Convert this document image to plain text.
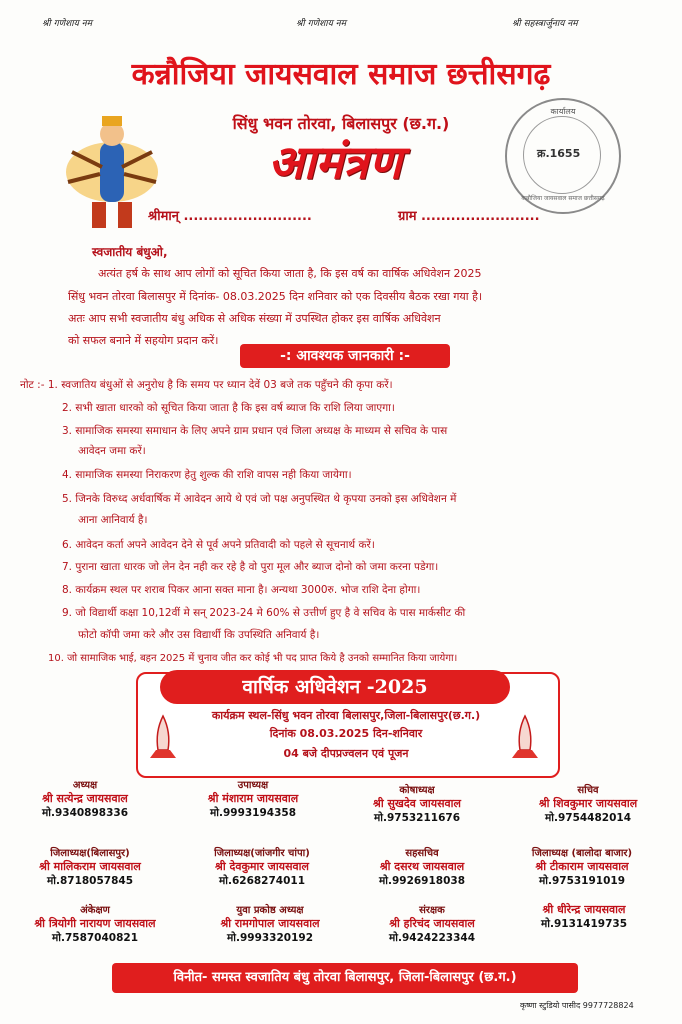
श्री गणेशाय नम	श्री गणेशाय नम	श्री सहस्त्रार्जुनाय नम
कन्नौजिया जायसवाल समाज छत्तीसगढ़
सिंधु भवन तोरवा, बिलासपुर (छ.ग.)
आमंत्रण
कार्यालय
कन्नौजिया जायसवाल समाज छत्तीसगढ़
क्र.1655
श्रीमान् ..........................	ग्राम ........................
स्वजातीय बंधुओ,
अत्यंत हर्ष के साथ आप लोगों को सूचित किया जाता है, कि इस वर्ष का वार्षिक अधिवेशन 2025
सिंधु भवन तोरवा बिलासपुर में दिनांक- 08.03.2025 दिन शनिवार को एक दिवसीय बैठक रखा गया है।
अतः आप सभी स्वजातीय बंधु अधिक से अधिक संख्या में उपस्थित होकर इस वार्षिक अधिवेशन
को सफल बनाने में सहयोग प्रदान करें।
-: आवश्यक जानकारी :-
नोट :- 1. स्वजातिय बंधुओं से अनुरोध है कि समय पर ध्यान देवें 03 बजे तक पहुँचने की कृपा करें।
2. सभी खाता धारको को सूचित किया जाता है कि इस वर्ष ब्याज कि राशि लिया जाएगा।
3. सामाजिक समस्या समाधान के लिए अपने ग्राम प्रधान एवं जिला अध्यक्ष के माध्यम से सचिव के पास
आवेदन जमा करें।
4. सामाजिक समस्या निराकरण हेतु शुल्क की राशि वापस नही किया जायेगा।
5. जिनके विरुध्द अर्धवार्षिक में आवेदन आये थे एवं जो पक्ष अनुपस्थित थे कृपया उनको इस अधिवेशन में
आना आनिवार्य है।
6. आवेदन कर्ता अपने आवेदन देने से पूर्व अपने प्रतिवादी को पहले से सूचनार्थ करें।
7. पुराना खाता धारक जो लेन देन नही कर रहे है वो पुरा मूल और ब्याज दोनो को जमा करना पडेगा।
8. कार्यक्रम स्थल पर शराब पिकर आना सक्त माना है। अन्यथा 3000रु. भोज राशि देना होगा।
9. जो विद्यार्थी कक्षा 10,12वीं मे सन् 2023-24 मे 60% से उत्तीर्ण हुए है वे सचिव के पास मार्कसीट की
फोटो कॉपी जमा करे और उस विद्यार्थी कि उपस्थिति अनिवार्य है।
10. जो सामाजिक भाई, बहन 2025 में चुनाव जीत कर कोई भी पद प्राप्त किये है उनको सम्मानित किया जायेगा।
वार्षिक अधिवेशन -2025
कार्यक्रम स्थल-सिंधु भवन तोरवा बिलासपुर,जिला-बिलासपुर(छ.ग.)
दिनांक 08.03.2025 दिन-शनिवार
04 बजे दीपप्रज्वलन एवं पूजन
अध्यक्ष
श्री सत्येन्द्र जायसवाल
मो.9340898336
उपाध्यक्ष
श्री मंशाराम जायसवाल
मो.9993194358
कोषाध्यक्ष
श्री सुखदेव जायसवाल
मो.9753211676
सचिव
श्री शिवकुमार जायसवाल
मो.9754482014
जिलाध्यक्ष(बिलासपुर)
श्री मालिकराम जायसवाल
मो.8718057845
जिलाध्यक्ष(जांजगीर चांपा)
श्री देवकुमार जायसवाल
मो.6268274011
सहसचिव
श्री दसरथ जायसवाल
मो.9926918038
जिलाध्यक्ष (बालोदा बाजार)
श्री टीकाराम जायसवाल
मो.9753191019
अंकेक्षण
श्री त्रियोगी नारायण जायसवाल
मो.7587040821
युवा प्रकोष्ठ अध्यक्ष
श्री रामगोपाल जायसवाल
मो.9993320192
संरक्षक
श्री हरिचंद जायसवाल
मो.9424223344
श्री धीरेन्द्र जायसवाल
मो.9131419735
विनीत- समस्त स्वजातिय बंधु तोरवा बिलासपुर, जिला-बिलासपुर (छ.ग.)
कृष्णा स्टुडियो पासीद 9977728824
